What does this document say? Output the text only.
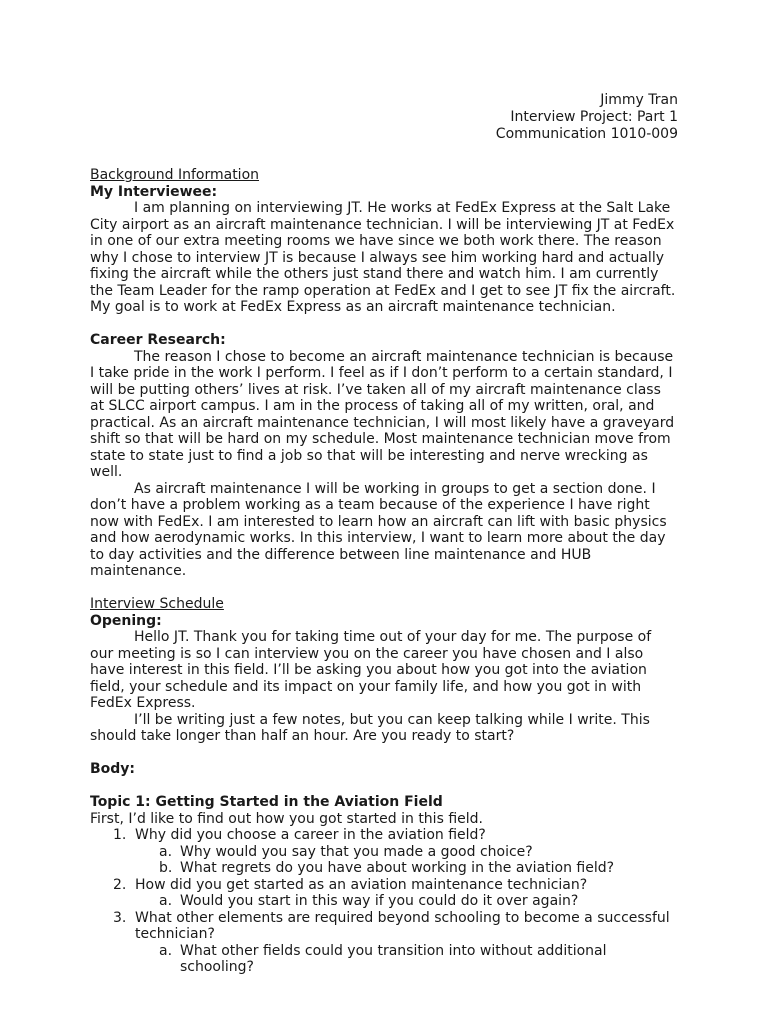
Jimmy Tran
Interview Project: Part 1
Communication 1010-009
Background Information
My Interviewee:

I am planning on interviewing JT. He works at FedEx Express at the Salt Lake City airport as an aircraft maintenance technician. I will be interviewing JT at FedEx in one of our extra meeting rooms we have since we both work there. The reason why I chose to interview JT is because I always see him working hard and actually fixing the aircraft while the others just stand there and watch him. I am currently the Team Leader for the ramp operation at FedEx and I get to see JT fix the aircraft. My goal is to work at FedEx Express as an aircraft maintenance technician.

Career Research:

The reason I chose to become an aircraft maintenance technician is because I take pride in the work I perform. I feel as if I don’t perform to a certain standard, I will be putting others’ lives at risk. I’ve taken all of my aircraft maintenance class at SLCC airport campus. I am in the process of taking all of my written, oral, and practical. As an aircraft maintenance technician, I will most likely have a graveyard shift so that will be hard on my schedule. Most maintenance technician move from state to state just to find a job so that will be interesting and nerve wrecking as well.

As aircraft maintenance I will be working in groups to get a section done. I don’t have a problem working as a team because of the experience I have right now with FedEx. I am interested to learn how an aircraft can lift with basic physics and how aerodynamic works. In this interview, I want to learn more about the day to day activities and the difference between line maintenance and HUB maintenance.

Interview Schedule
Opening:

Hello JT. Thank you for taking time out of your day for me. The purpose of our meeting is so I can interview you on the career you have chosen and I also have interest in this field. I’ll be asking you about how you got into the aviation field, your schedule and its impact on your family life, and how you got in with FedEx Express.

I’ll be writing just a few notes, but you can keep talking while I write. This should take longer than half an hour. Are you ready to start?

Body:
Topic 1: Getting Started in the Aviation Field
First, I’d like to find out how you got started in this field.
1. Why did you choose a career in the aviation field?
a. Why would you say that you made a good choice?
b. What regrets do you have about working in the aviation field?
2. How did you get started as an aviation maintenance technician?
a. Would you start in this way if you could do it over again?
3. What other elements are required beyond schooling to become a successful technician?
a. What other fields could you transition into without additional schooling?
